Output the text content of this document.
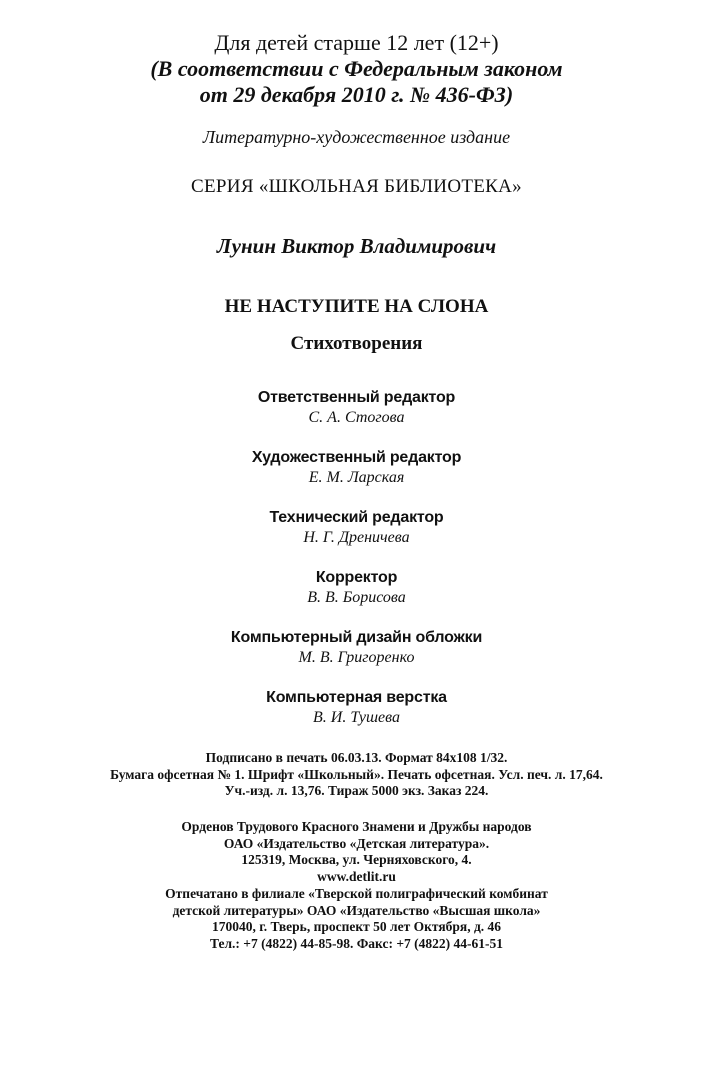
Для детей старше 12 лет (12+)
(В соответствии с Федеральным законом
от 29 декабря 2010 г. № 436-ФЗ)
Литературно-художественное издание
СЕРИЯ «ШКОЛЬНАЯ БИБЛИОТЕКА»
Лунин Виктор Владимирович
НЕ НАСТУПИТЕ НА СЛОНА
Стихотворения
Ответственный редактор
С. А. Стогова
Художественный редактор
Е. М. Ларская
Технический редактор
Н. Г. Дреничева
Корректор
В. В. Борисова
Компьютерный дизайн обложки
М. В. Григоренко
Компьютерная верстка
В. И. Тушева
Подписано в печать 06.03.13. Формат 84x108 1/32.
Бумага офсетная № 1. Шрифт «Школьный». Печать офсетная. Усл. печ. л. 17,64.
Уч.-изд. л. 13,76. Тираж 5000 экз. Заказ 224.
Орденов Трудового Красного Знамени и Дружбы народов
ОАО «Издательство «Детская литература».
125319, Москва, ул. Черняховского, 4.
www.detlit.ru
Отпечатано в филиале «Тверской полиграфический комбинат
детской литературы» ОАО «Издательство «Высшая школа»
170040, г. Тверь, проспект 50 лет Октября, д. 46
Тел.: +7 (4822) 44-85-98. Факс: +7 (4822) 44-61-51
